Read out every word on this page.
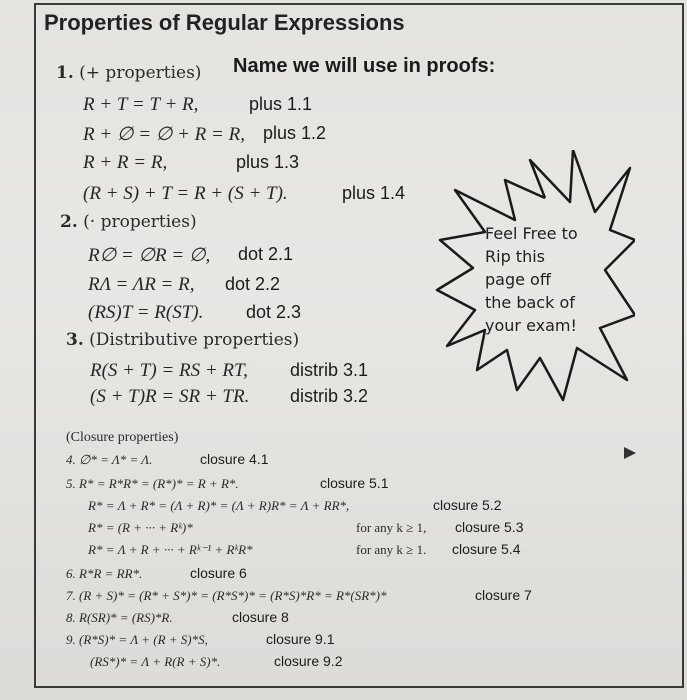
Properties of Regular Expressions
Name we will use in proofs:
1. (+ properties)
R + T = T + R,	plus 1.1
R + ∅ = ∅ + R = R, plus 1.2
R + R = R,	plus 1.3
(R + S) + T = R + (S + T).	plus 1.4
2. (· properties)
R∅ = ∅R = ∅, dot 2.1
RΛ = ΛR = R, dot 2.2
(RS)T = R(ST). dot 2.3
3. (Distributive properties)
R(S + T) = RS + RT, distrib 3.1
(S + T)R = SR + TR. distrib 3.2
Feel Free to
Rip this
page off
the back of
your exam!
(Closure properties)
4. ∅* = Λ* = Λ.	closure 4.1
5. R* = R*R* = (R*)* = R + R*.	closure 5.1
R* = Λ + R* = (Λ + R)* = (Λ + R)R* = Λ + RR*,	closure 5.2
R* = (R + ··· + Rᵏ)*	for any k ≥ 1, closure 5.3
R* = Λ + R + ··· + Rᵏ⁻¹ + RᵏR*	for any k ≥ 1. closure 5.4
6. R*R = RR*.	closure 6
7. (R + S)* = (R* + S*)* = (R*S*)* = (R*S)*R* = R*(SR*)*	closure 7
8. R(SR)* = (RS)*R.	closure 8
9. (R*S)* = Λ + (R + S)*S,	closure 9.1
(RS*)* = Λ + R(R + S)*.	closure 9.2
